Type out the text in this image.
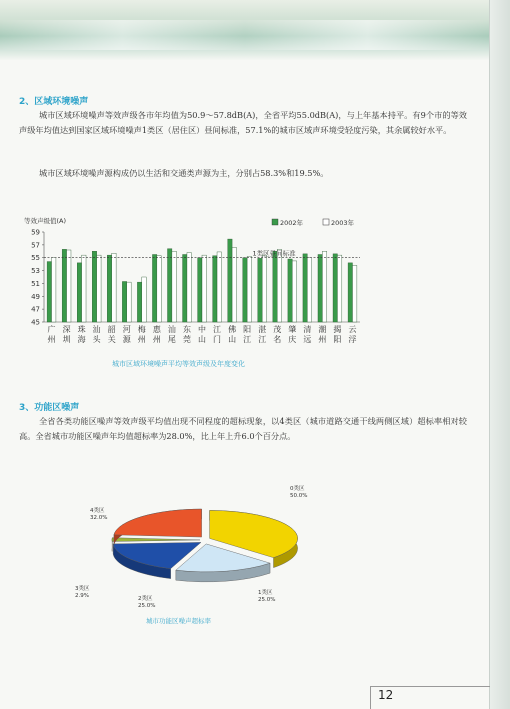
2、区域环境噪声

城市区域环境噪声等效声级各市年均值为50.9～57.8dB(A)，全省平均55.0dB(A)，与上年基本持平。有9个市的等效声级年均值达到国家区域环境噪声1类区（居住区）昼间标准，57.1%的城市区域声环境受轻度污染，其余属较好水平。

城市区域环境噪声源构成仍以生活和交通类声源为主，分别占58.3%和19.5%。

等效声级值(A)	2002年	2003年
45
47
49
51
53
55
57
59
1类区昼间标准
广
州
深
圳
珠
海
汕
头
韶
关
河
源
梅
州
惠
州
汕
尾
东
莞
中
山
江
门
佛
山
阳
江
湛
江
茂
名
肇
庆
清
远
潮
州
揭
阳
云
浮
城市区域环境噪声平均等效声级及年度变化
3、功能区噪声

全省各类功能区噪声等效声级平均值出现不同程度的超标现象，以4类区（城市道路交通干线两侧区域）超标率相对较高。全省城市功能区噪声年均值超标率为28.0%，比上年上升6.0个百分点。

0类区
50.0%
1类区
25.0%
2类区
25.0%
3类区
2.9%
4类区
32.0%
城市功能区噪声超标率
12
